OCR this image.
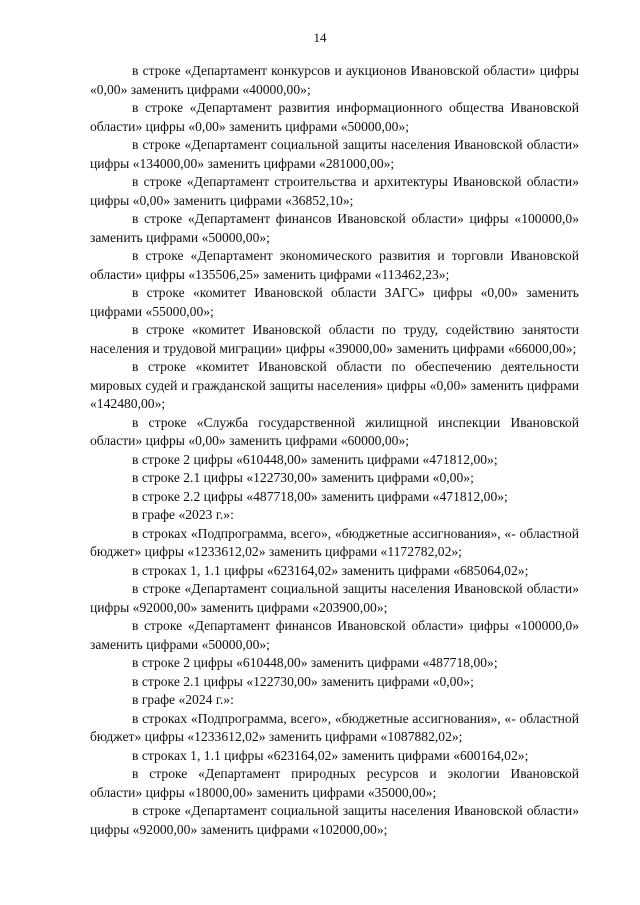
14

в строке «Департамент конкурсов и аукционов Ивановской области» цифры «0,00» заменить цифрами «40000,00»;

в строке «Департамент развития информационного общества Ивановской области» цифры «0,00» заменить цифрами «50000,00»;

в строке «Департамент социальной защиты населения Ивановской области» цифры «134000,00» заменить цифрами «281000,00»;

в строке «Департамент строительства и архитектуры Ивановской области» цифры «0,00» заменить цифрами «36852,10»;

в строке «Департамент финансов Ивановской области» цифры «100000,0» заменить цифрами «50000,00»;

в строке «Департамент экономического развития и торговли Ивановской области» цифры «135506,25» заменить цифрами «113462,23»;

в строке «комитет Ивановской области ЗАГС» цифры «0,00» заменить цифрами «55000,00»;

в строке «комитет Ивановской области по труду, содействию занятости населения и трудовой миграции» цифры «39000,00» заменить цифрами «66000,00»;

в строке «комитет Ивановской области по обеспечению деятельности мировых судей и гражданской защиты населения» цифры «0,00» заменить цифрами «142480,00»;

в строке «Служба государственной жилищной инспекции Ивановской области» цифры «0,00» заменить цифрами «60000,00»;

в строке 2 цифры «610448,00» заменить цифрами «471812,00»;

в строке 2.1 цифры «122730,00» заменить цифрами «0,00»;

в строке 2.2 цифры «487718,00» заменить цифрами «471812,00»;

в графе «2023 г.»:

в строках «Подпрограмма, всего», «бюджетные ассигнования», «- областной бюджет» цифры «1233612,02» заменить цифрами «1172782,02»;

в строках 1, 1.1 цифры «623164,02» заменить цифрами «685064,02»;

в строке «Департамент социальной защиты населения Ивановской области» цифры «92000,00» заменить цифрами «203900,00»;

в строке «Департамент финансов Ивановской области» цифры «100000,0» заменить цифрами «50000,00»;

в строке 2 цифры «610448,00» заменить цифрами «487718,00»;

в строке 2.1 цифры «122730,00» заменить цифрами «0,00»;

в графе «2024 г.»:

в строках «Подпрограмма, всего», «бюджетные ассигнования», «- областной бюджет» цифры «1233612,02» заменить цифрами «1087882,02»;

в строках 1, 1.1 цифры «623164,02» заменить цифрами «600164,02»;

в строке «Департамент природных ресурсов и экологии Ивановской области» цифры «18000,00» заменить цифрами «35000,00»;

в строке «Департамент социальной защиты населения Ивановской области» цифры «92000,00» заменить цифрами «102000,00»;
